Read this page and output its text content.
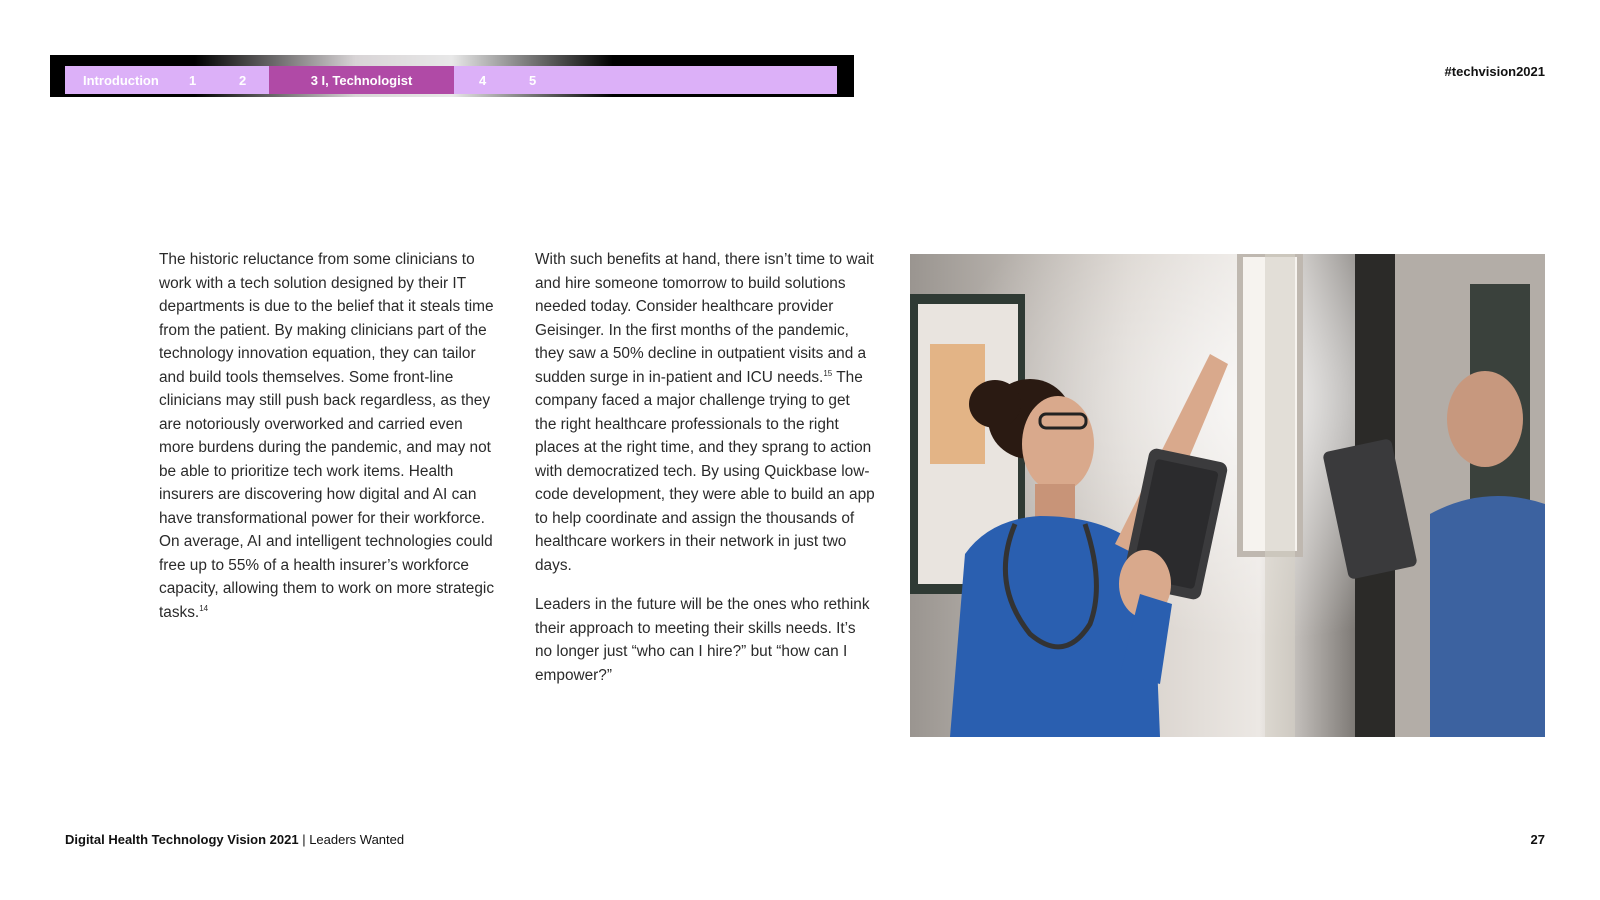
Introduction	1	2	3 I, Technologist	4	5
#techvision2021

The historic reluctance from some clinicians to work with a tech solution designed by their IT departments is due to the belief that it steals time from the patient. By making clinicians part of the technology innovation equation, they can tailor and build tools themselves. Some front-line clinicians may still push back regardless, as they are notoriously overworked and carried even more burdens during the pandemic, and may not be able to prioritize tech work items. Health insurers are discovering how digital and AI can have transformational power for their workforce. On average, AI and intelligent technologies could free up to 55% of a health insurer’s workforce capacity, allowing them to work on more strategic tasks.$^{14}$

With such benefits at hand, there isn’t time to wait and hire someone tomorrow to build solutions needed today. Consider healthcare provider Geisinger. In the first months of the pandemic, they saw a 50% decline in outpatient visits and a sudden surge in in-patient and ICU needs.$^{15}$ The company faced a major challenge trying to get the right healthcare professionals to the right places at the right time, and they sprang to action with democratized tech. By using Quickbase low-code development, they were able to build an app to help coordinate and assign the thousands of healthcare workers in their network in just two days.

Leaders in the future will be the ones who rethink their approach to meeting their skills needs. It’s no longer just “who can I hire?” but “how can I empower?”

Digital Health Technology Vision 2021 | Leaders Wanted	27
